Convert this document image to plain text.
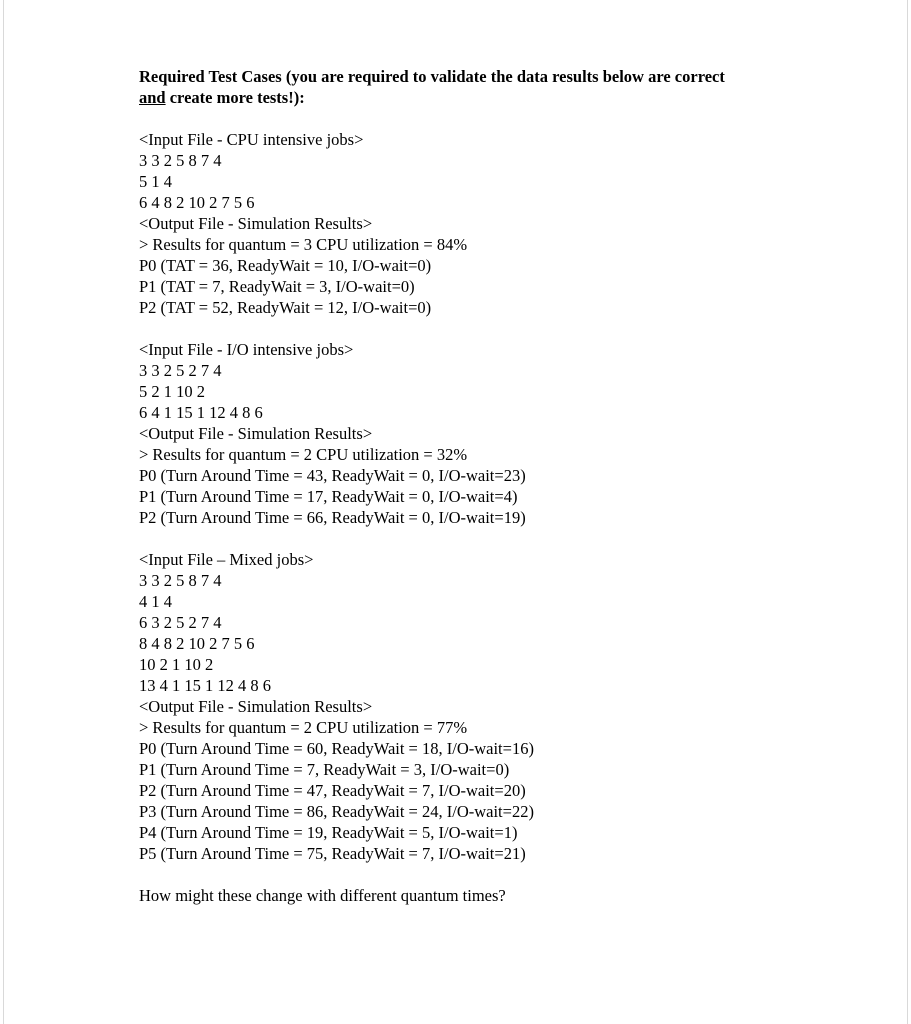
Required Test Cases (you are required to validate the data results below are correct
and create more tests!):

<Input File - CPU intensive jobs>

3 3 2 5 8 7 4

5 1 4

6 4 8 2 10 2 7 5 6

<Output File - Simulation Results>

> Results for quantum = 3 CPU utilization = 84%

P0 (TAT = 36, ReadyWait = 10, I/O-wait=0)

P1 (TAT = 7, ReadyWait = 3, I/O-wait=0)

P2 (TAT = 52, ReadyWait = 12, I/O-wait=0)

<Input File - I/O intensive jobs>

3 3 2 5 2 7 4

5 2 1 10 2

6 4 1 15 1 12 4 8 6

<Output File - Simulation Results>

> Results for quantum = 2 CPU utilization = 32%

P0 (Turn Around Time = 43, ReadyWait = 0, I/O-wait=23)

P1 (Turn Around Time = 17, ReadyWait = 0, I/O-wait=4)

P2 (Turn Around Time = 66, ReadyWait = 0, I/O-wait=19)

<Input File – Mixed jobs>

3 3 2 5 8 7 4

4 1 4

6 3 2 5 2 7 4

8 4 8 2 10 2 7 5 6

10 2 1 10 2

13 4 1 15 1 12 4 8 6

<Output File - Simulation Results>

> Results for quantum = 2 CPU utilization = 77%

P0 (Turn Around Time = 60, ReadyWait = 18, I/O-wait=16)

P1 (Turn Around Time = 7, ReadyWait = 3, I/O-wait=0)

P2 (Turn Around Time = 47, ReadyWait = 7, I/O-wait=20)

P3 (Turn Around Time = 86, ReadyWait = 24, I/O-wait=22)

P4 (Turn Around Time = 19, ReadyWait = 5, I/O-wait=1)

P5 (Turn Around Time = 75, ReadyWait = 7, I/O-wait=21)

How might these change with different quantum times?
